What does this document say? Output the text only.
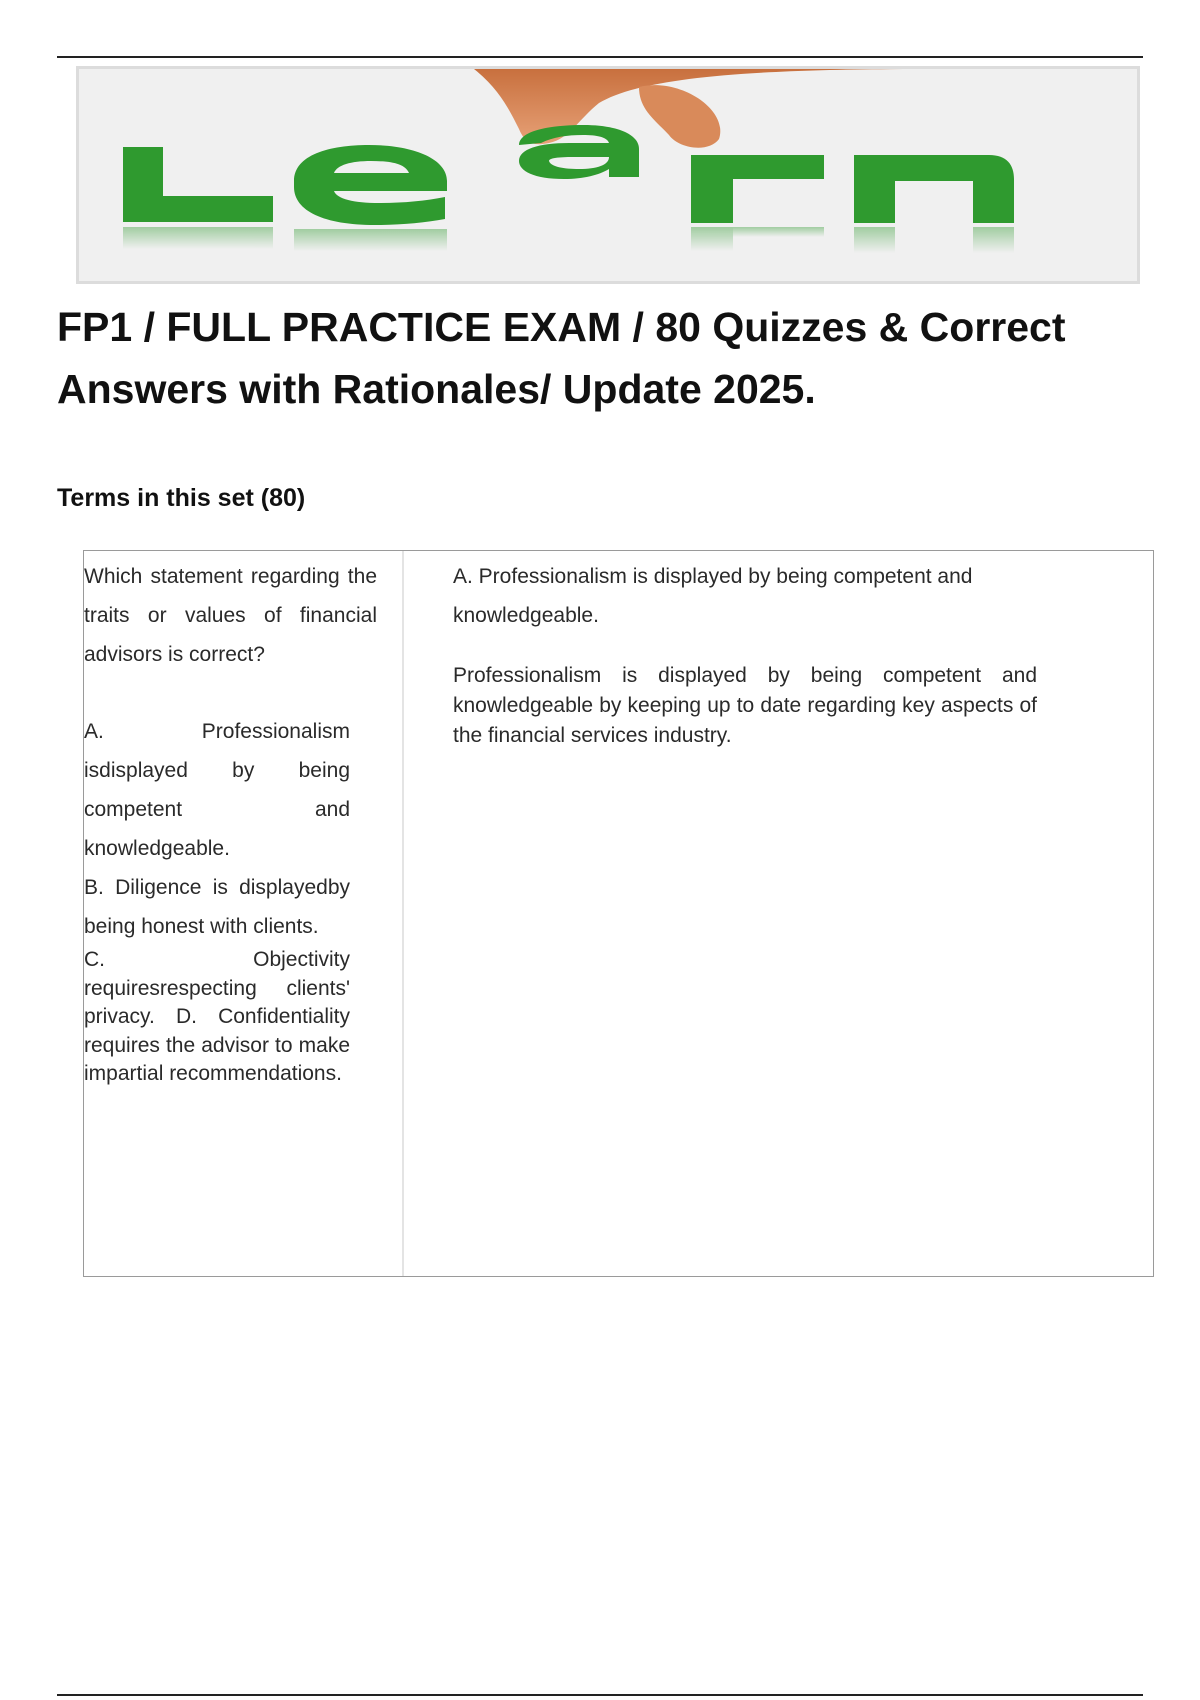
FP1 / FULL PRACTICE EXAM / 80 Quizzes & Correct Answers with Rationales/ Update 2025.
Terms in this set (80)

Which statement regarding the traits or values of financial advisors is correct?

A. Professionalism isdisplayed by being competent and knowledgeable.

B. Diligence is displayedby being honest with clients.

C. Objectivity requiresrespecting clients' privacy. D. Confidentiality requires the advisor to make impartial recommendations.

A. Professionalism is displayed by being competent and knowledgeable.

Professionalism is displayed by being competent and knowledgeable by keeping up to date regarding key aspects of the financial services industry.
